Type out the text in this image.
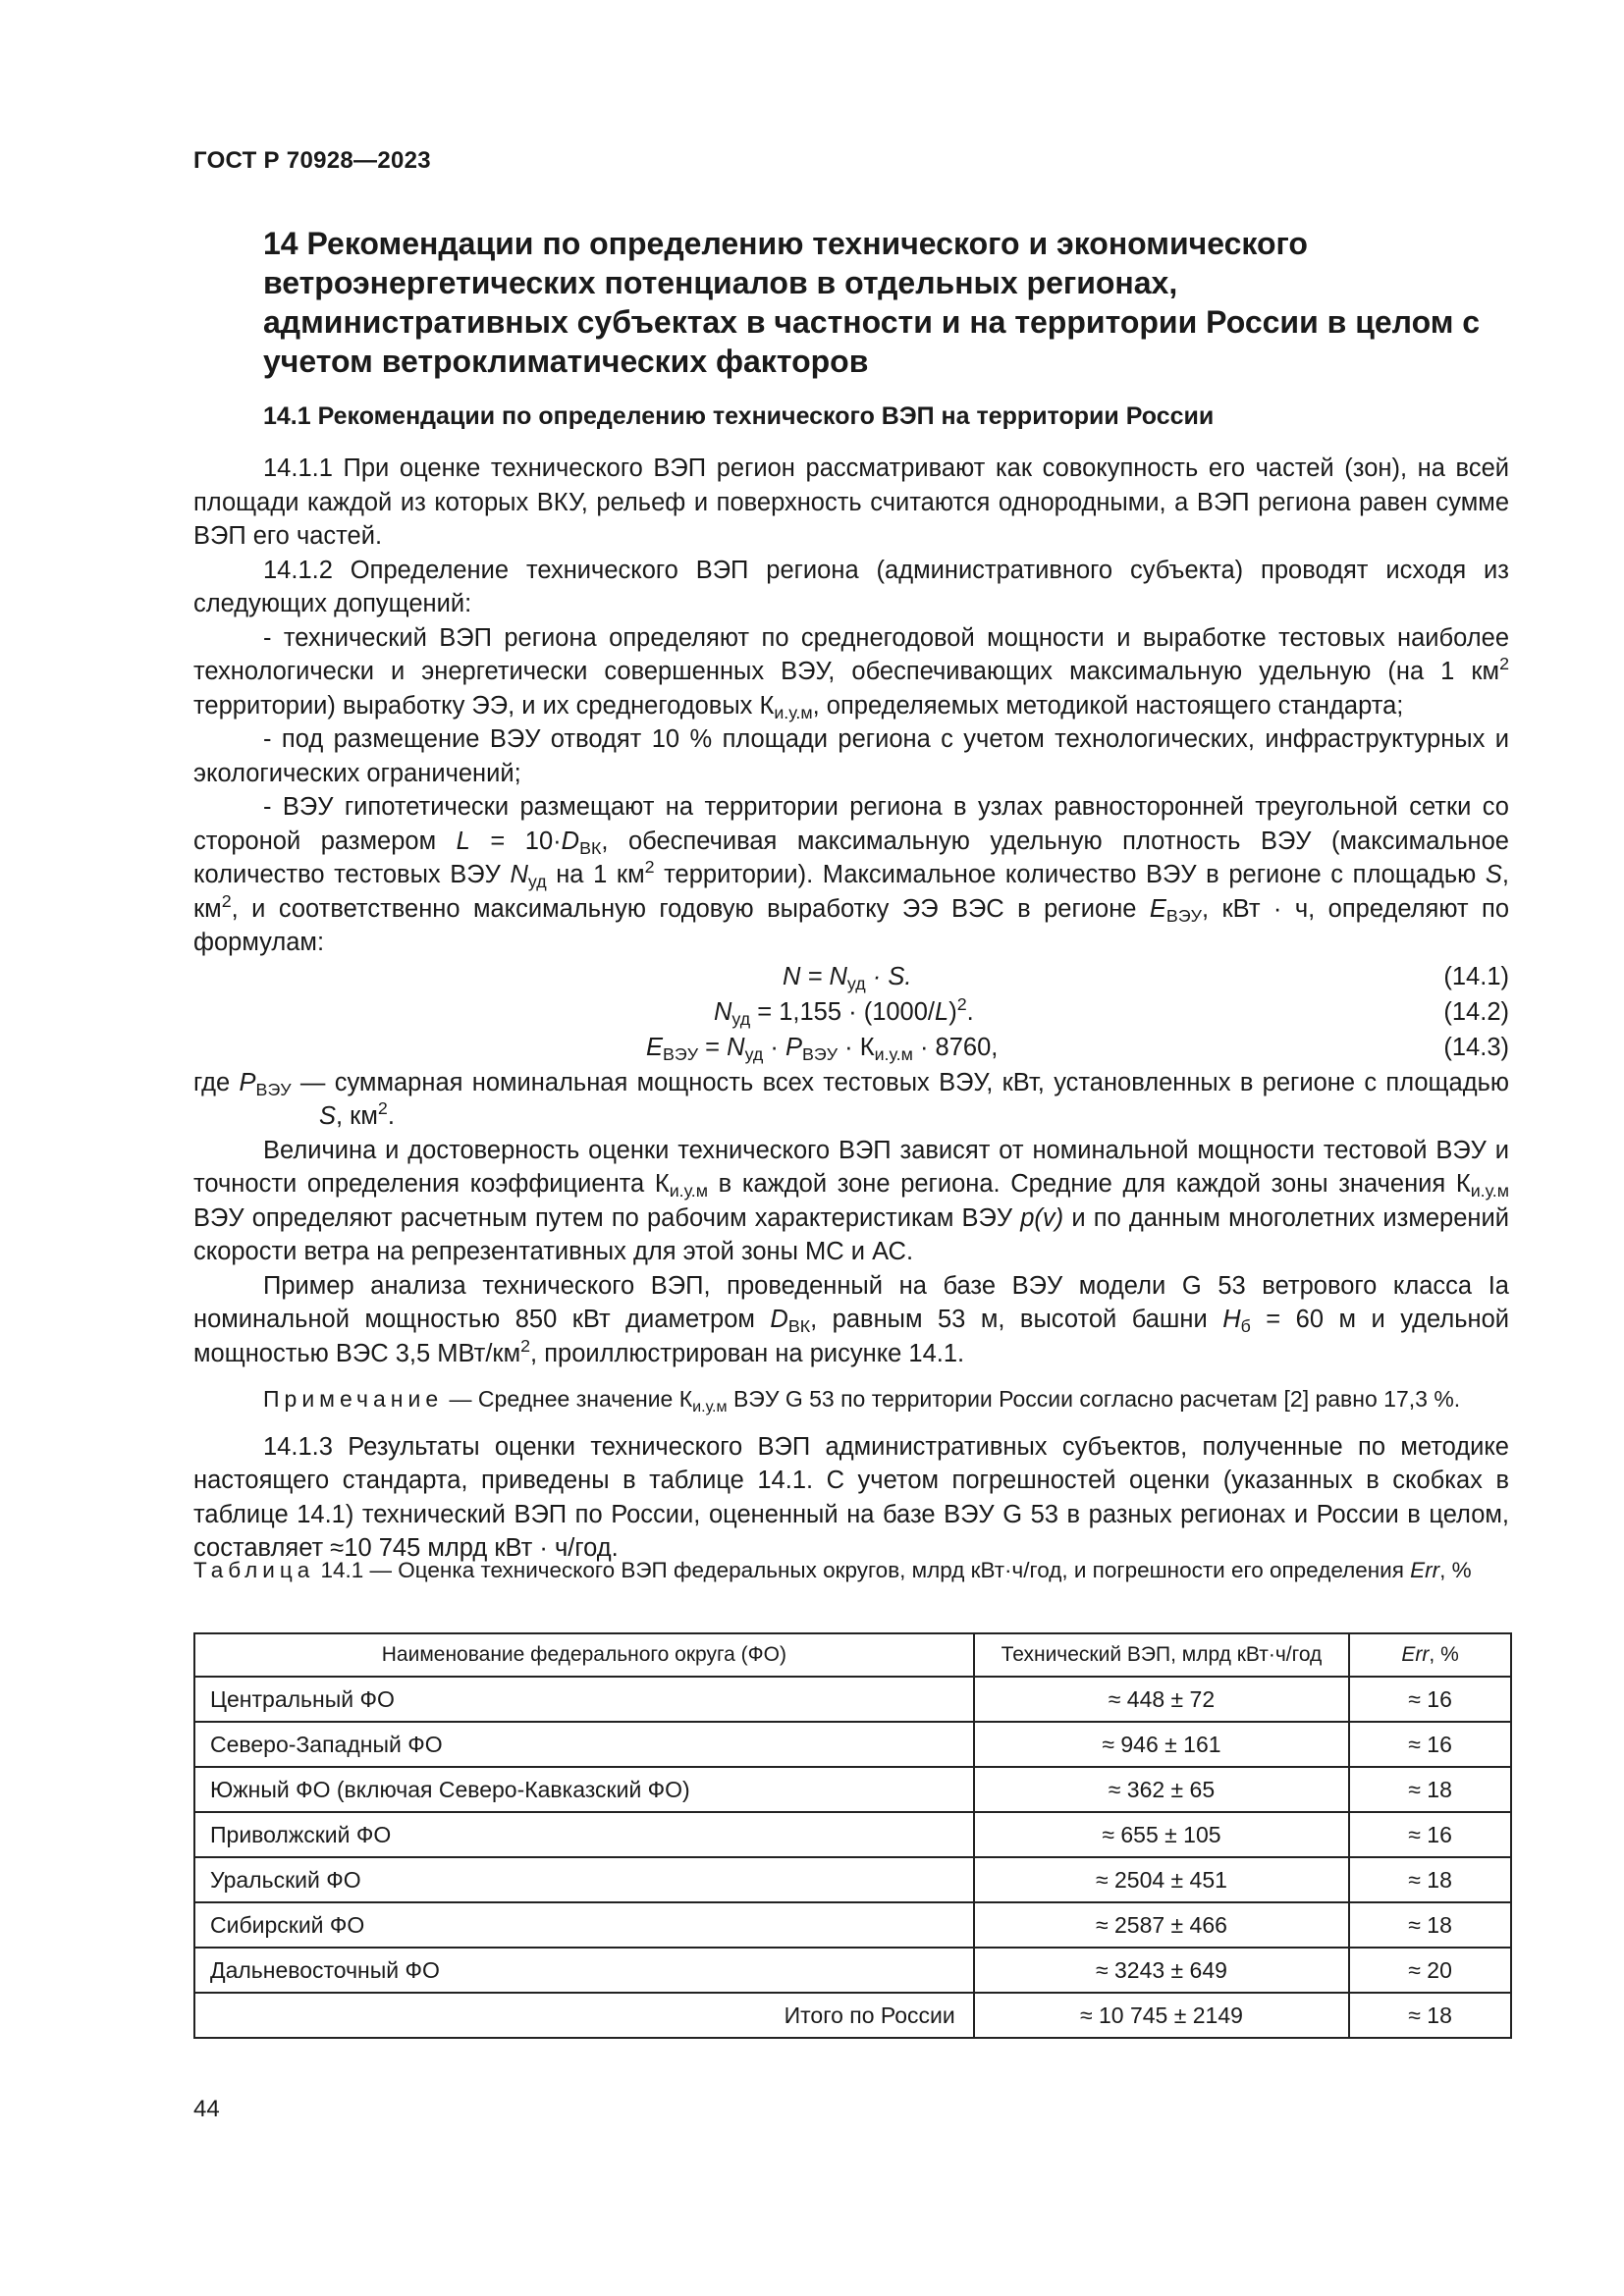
ГОСТ Р 70928—2023
14 Рекомендации по определению технического и экономического ветроэнергетических потенциалов в отдельных регионах, административных субъектах в частности и на территории России в целом с учетом ветроклиматических факторов
14.1 Рекомендации по определению технического ВЭП на территории России

14.1.1 При оценке технического ВЭП регион рассматривают как совокупность его частей (зон), на всей площади каждой из которых ВКУ, рельеф и поверхность считаются однородными, а ВЭП региона равен сумме ВЭП его частей.

14.1.2 Определение технического ВЭП региона (административного субъекта) проводят исходя из следующих допущений:

- технический ВЭП региона определяют по среднегодовой мощности и выработке тестовых наиболее технологически и энергетически совершенных ВЭУ, обеспечивающих максимальную удельную (на 1 $км^2$ территории) выработку ЭЭ, и их среднегодовых $К_{и.у.м}$, определяемых методикой настоящего стандарта;

- под размещение ВЭУ отводят 10 % площади региона с учетом технологических, инфраструктурных и экологических ограничений;

- ВЭУ гипотетически размещают на территории региона в узлах равносторонней треугольной сетки со стороной размером $L = 10\cdot D_{ВК}$, обеспечивая максимальную удельную плотность ВЭУ (максимальное количество тестовых ВЭУ $N_{уд}$ на 1 $км^2$ территории). Максимальное количество ВЭУ в регионе с площадью S, $км^2$, и соответственно максимальную годовую выработку ЭЭ ВЭС в регионе $E_{ВЭУ}$, кВт · ч, определяют по формулам:

$N = N_{уд} \cdot S$.	(14.1)
$N_{уд} = 1,155 \cdot (1000/L)^2$.	(14.2)
$E_{ВЭУ} = N_{уд} \cdot P_{ВЭУ} \cdot К_{и.у.м} \cdot 8760$,	(14.3)

где $P_{ВЭУ}$ — суммарная номинальная мощность всех тестовых ВЭУ, кВт, установленных в регионе с площадью S, $км^2$.

Величина и достоверность оценки технического ВЭП зависят от номинальной мощности тестовой ВЭУ и точности определения коэффициента $К_{и.у.м}$ в каждой зоне региона. Средние для каждой зоны значения $К_{и.у.м}$ ВЭУ определяют расчетным путем по рабочим характеристикам ВЭУ p(v) и по данным многолетних измерений скорости ветра на репрезентативных для этой зоны МС и АС.

Пример анализа технического ВЭП, проведенный на базе ВЭУ модели G 53 ветрового класса Ia номинальной мощностью 850 кВт диаметром $D_{ВК}$, равным 53 м, высотой башни $H_б = 60$ м и удельной мощностью ВЭС 3,5 МВт/$км^2$, проиллюстрирован на рисунке 14.1.

Примечание — Среднее значение $К_{и.у.м}$ ВЭУ G 53 по территории России согласно расчетам [2] равно 17,3 %.

14.1.3 Результаты оценки технического ВЭП административных субъектов, полученные по методике настоящего стандарта, приведены в таблице 14.1. С учетом погрешностей оценки (указанных в скобках в таблице 14.1) технический ВЭП по России, оцененный на базе ВЭУ G 53 в разных регионах и России в целом, составляет ≈10 745 млрд кВт · ч/год.

Таблица 14.1 — Оценка технического ВЭП федеральных округов, млрд кВт·ч/год, и погрешности его определения Err, %
Наименование федерального округа (ФО)	Технический ВЭП, млрд кВт·ч/год	Err, %
Центральный ФО	≈ 448 ± 72	≈ 16
Северо-Западный ФО	≈ 946 ± 161	≈ 16
Южный ФО (включая Северо-Кавказский ФО)	≈ 362 ± 65	≈ 18
Приволжский ФО	≈ 655 ± 105	≈ 16
Уральский ФО	≈ 2504 ± 451	≈ 18
Сибирский ФО	≈ 2587 ± 466	≈ 18
Дальневосточный ФО	≈ 3243 ± 649	≈ 20
Итого по России	≈ 10 745 ± 2149	≈ 18
44
